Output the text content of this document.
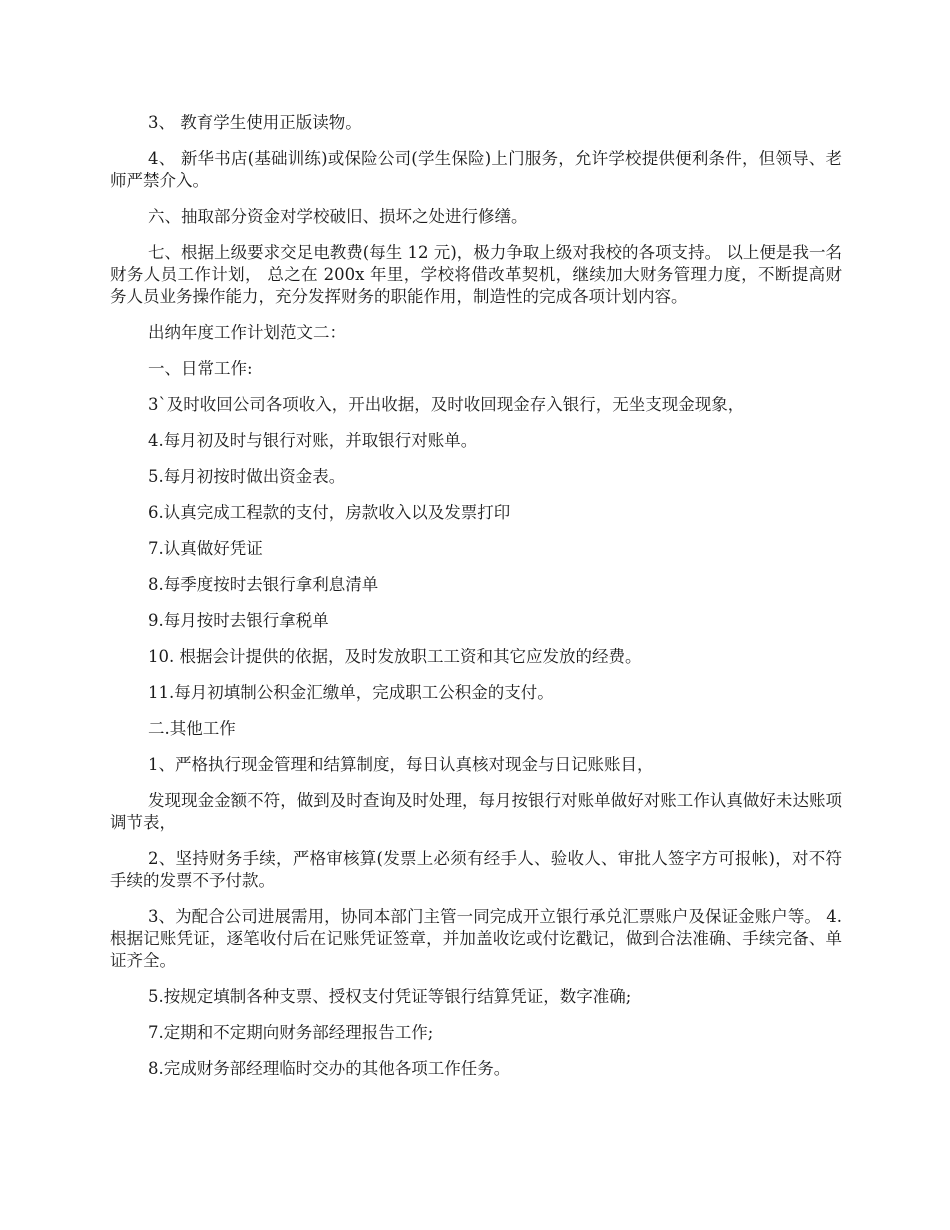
3、 教育学生使用正版读物。

4、 新华书店(基础训练)或保险公司(学生保险)上门服务，允许学校提供便利条件，但领导、老师严禁介入。

六、抽取部分资金对学校破旧、损坏之处进行修缮。

七、根据上级要求交足电教费(每生 12 元)，极力争取上级对我校的各项支持。 以上便是我一名财务人员工作计划， 总之在 200x 年里，学校将借改革契机，继续加大财务管理力度，不断提高财务人员业务操作能力，充分发挥财务的职能作用，制造性的完成各项计划内容。

出纳年度工作计划范文二：

一、日常工作:

3`及时收回公司各项收入，开出收据，及时收回现金存入银行，无坐支现金现象，

4.每月初及时与银行对账，并取银行对账单。

5.每月初按时做出资金表。

6.认真完成工程款的支付，房款收入以及发票打印

7.认真做好凭证

8.每季度按时去银行拿利息清单

9.每月按时去银行拿税单

10. 根据会计提供的依据，及时发放职工工资和其它应发放的经费。

11.每月初填制公积金汇缴单，完成职工公积金的支付。

二.其他工作

1、严格执行现金管理和结算制度，每日认真核对现金与日记账账目，

发现现金金额不符，做到及时查询及时处理，每月按银行对账单做好对账工作认真做好未达账项调节表，

2、坚持财务手续，严格审核算(发票上必须有经手人、验收人、审批人签字方可报帐)，对不符手续的发票不予付款。

3、为配合公司进展需用，协同本部门主管一同完成开立银行承兑汇票账户及保证金账户等。 4.根据记账凭证，逐笔收付后在记账凭证签章，并加盖收讫或付讫戳记，做到合法准确、手续完备、单证齐全。

5.按规定填制各种支票、授权支付凭证等银行结算凭证，数字准确;

7.定期和不定期向财务部经理报告工作;

8.完成财务部经理临时交办的其他各项工作任务。
